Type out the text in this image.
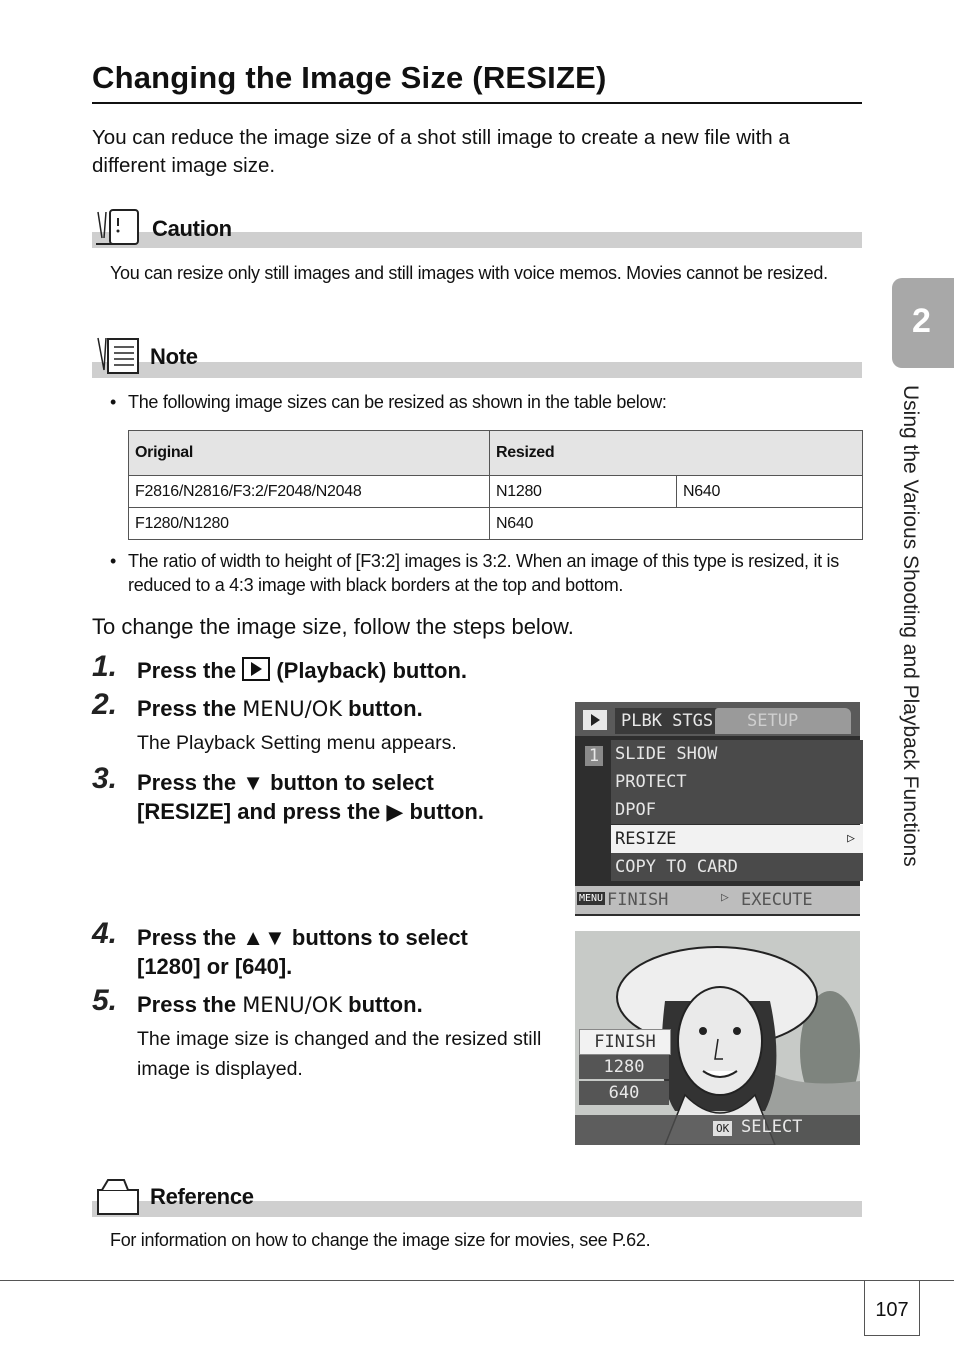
Changing the Image Size (RESIZE)
You can reduce the image size of a shot still image to create a new file with a different image size.
Caution
You can resize only still images and still images with voice memos. Movies cannot be resized.
Note
• The following image sizes can be resized as shown in the table below:
Original	Resized	
F2816/N2816/F3:2/F2048/N2048	N1280	N640
F1280/N1280	N640	
• The ratio of width to height of [F3:2] images is 3:2. When an image of this type is resized, it is reduced to a 4:3 image with black borders at the top and bottom.
To change the image size, follow the steps below.
1. Press the (Playback) button.
2. Press the MENU/OK button.
The Playback Setting menu appears.
3. Press the ▼ button to select
[RESIZE] and press the ▶ button.
4. Press the ▲▼ buttons to select
[1280] or [640].
5. Press the MENU/OK button.
The image size is changed and the resized still image is displayed.
PLBK STGS	SETUP
1 SLIDE SHOW
PROTECT
DPOF
RESIZE	▷
COPY TO CARD
MENU FINISH	▷ EXECUTE
FINISH
1280
640
OK SELECT
Reference
For information on how to change the image size for movies, see P.62.
2
Using the Various Shooting and Playback Functions
107
